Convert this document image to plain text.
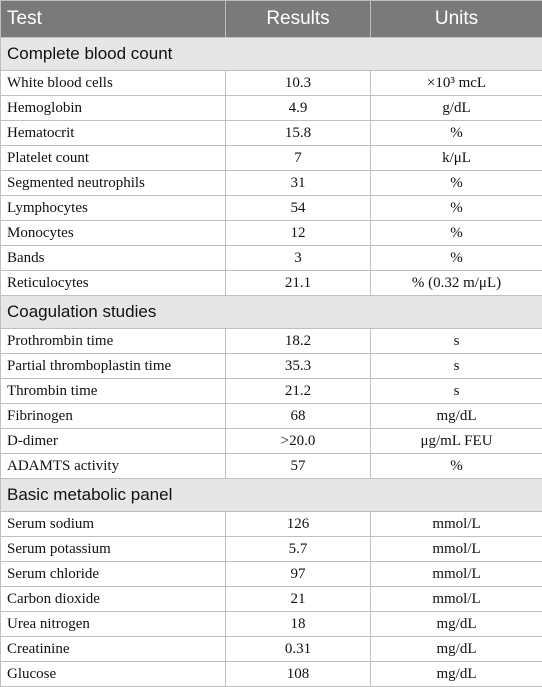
Test	Results	Units
Complete blood count		
White blood cells	10.3	×10³ mcL
Hemoglobin	4.9	g/dL
Hematocrit	15.8	%
Platelet count	7	k/μL
Segmented neutrophils	31	%
Lymphocytes	54	%
Monocytes	12	%
Bands	3	%
Reticulocytes	21.1	% (0.32 m/μL)
Coagulation studies		
Prothrombin time	18.2	s
Partial thromboplastin time	35.3	s
Thrombin time	21.2	s
Fibrinogen	68	mg/dL
D-dimer	>20.0	μg/mL FEU
ADAMTS activity	57	%
Basic metabolic panel		
Serum sodium	126	mmol/L
Serum potassium	5.7	mmol/L
Serum chloride	97	mmol/L
Carbon dioxide	21	mmol/L
Urea nitrogen	18	mg/dL
Creatinine	0.31	mg/dL
Glucose	108	mg/dL
